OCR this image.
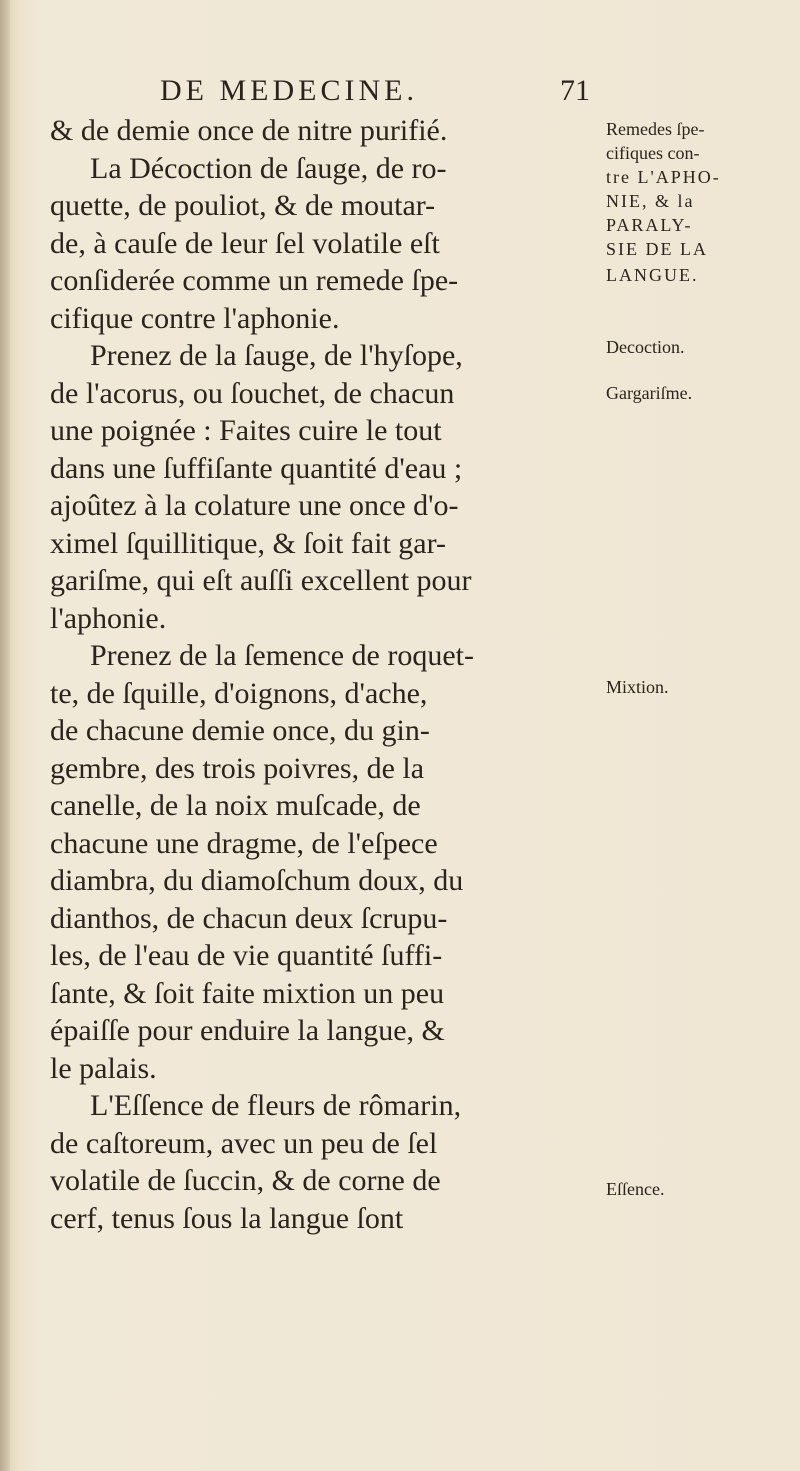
DE MEDECINE.	71
& de demie once de nitre purifié.
La Décoction de ſauge, de ro-
quette, de pouliot, & de moutar-
de, à cauſe de leur ſel volatile eſt
conſiderée comme un remede ſpe-
cifique contre l'aphonie.
Prenez de la ſauge, de l'hyſope,
de l'acorus, ou ſouchet, de chacun
une poignée : Faites cuire le tout
dans une ſuffiſante quantité d'eau ;
ajoûtez à la colature une once d'o-
ximel ſquillitique, & ſoit fait gar-
gariſme, qui eſt auſſi excellent pour
l'aphonie.
Prenez de la ſemence de roquet-
te, de ſquille, d'oignons, d'ache,
de chacune demie once, du gin-
gembre, des trois poivres, de la
canelle, de la noix muſcade, de
chacune une dragme, de l'eſpece
diambra, du diamoſchum doux, du
dianthos, de chacun deux ſcrupu-
les, de l'eau de vie quantité ſuffi-
ſante, & ſoit faite mixtion un peu
épaiſſe pour enduire la langue, &
le palais.
L'Eſſence de fleurs de rômarin,
de caſtoreum, avec un peu de ſel
volatile de ſuccin, & de corne de
cerf, tenus ſous la langue ſont
Remedes ſpe-
cifiques con-
tre L'APHO-
NIE, & la
PARALY-
SIE DE LA
LANGUE.
Decoction.
Gargariſme.
Mixtion.
Eſſence.
